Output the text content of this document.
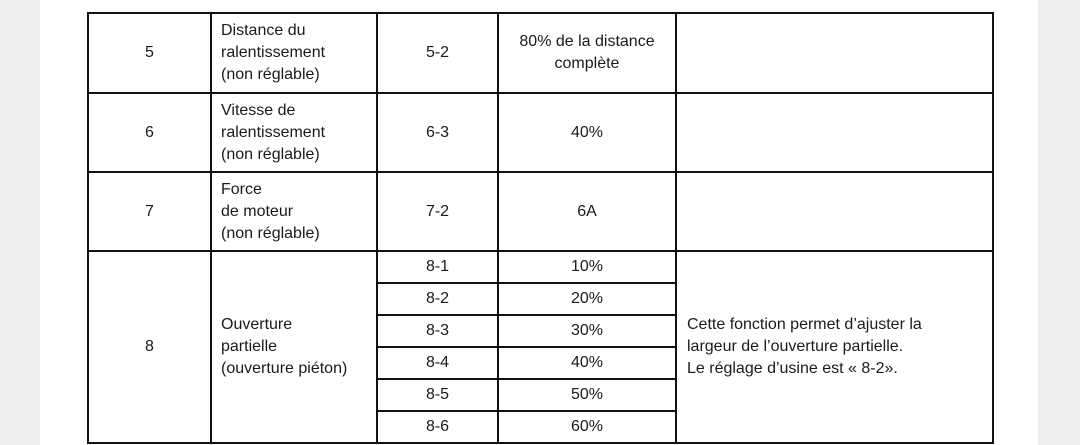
5	Distance du
ralentissement
(non réglable)	5-2	80% de la distance
complète	

6	Vitesse de
ralentissement
(non réglable)	6-3	40%	

7	Force
de moteur
(non réglable)	7-2	6A	

8	Ouverture
partielle
(ouverture piéton)	8-1	10%	Cette fonction permet d’ajuster la
largeur de l’ouverture partielle.
Le réglage d’usine est « 8-2».

		8-2	20%	
		8-3	30%	
		8-4	40%	
		8-5	50%	
		8-6	60%	
